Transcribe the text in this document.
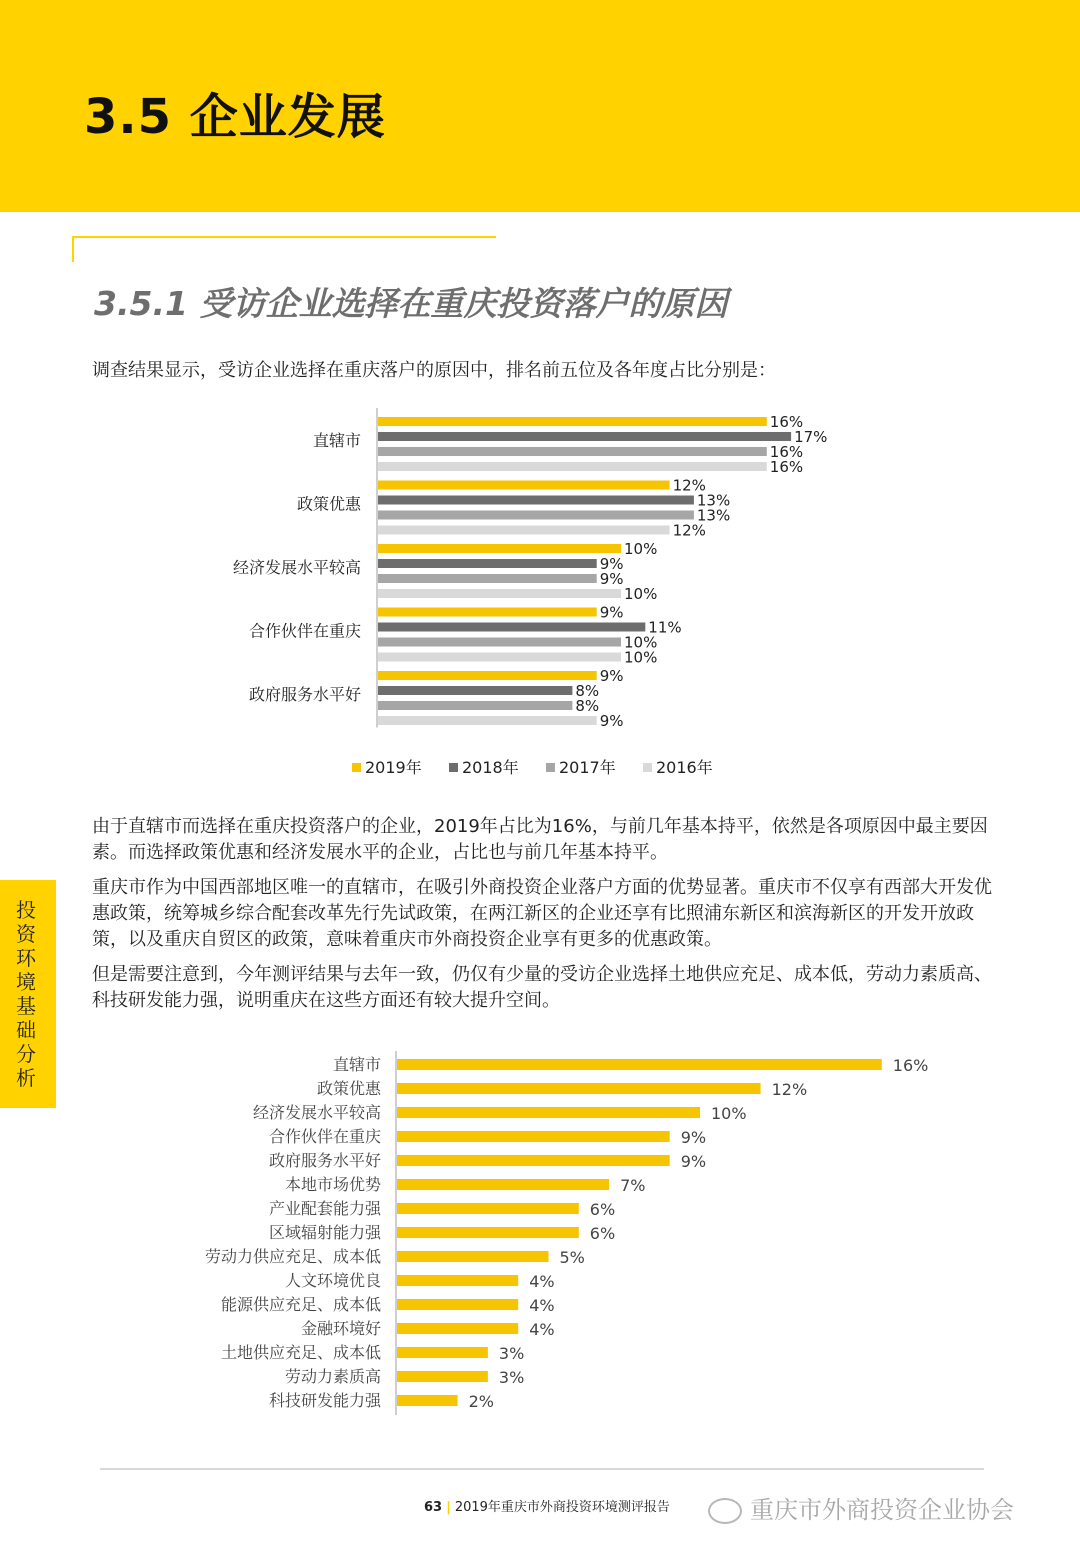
3.5 企业发展
3.5.1 受访企业选择在重庆投资落户的原因
调查结果显示，受访企业选择在重庆落户的原因中，排名前五位及各年度占比分别是：
直辖市
16%
17%
16%
16%
政策优惠
12%
13%
13%
12%
经济发展水平较高
10%
9%
9%
10%
合作伙伴在重庆
9%
11%
10%
10%
政府服务水平好
9%
8%
8%
9%
2019年	2018年	2017年	2016年

由于直辖市而选择在重庆投资落户的企业，2019年占比为16%，与前几年基本持平，依然是各项原因中最主要因素。而选择政策优惠和经济发展水平的企业，占比也与前几年基本持平。

重庆市作为中国西部地区唯一的直辖市，在吸引外商投资企业落户方面的优势显著。重庆市不仅享有西部大开发优惠政策，统筹城乡综合配套改革先行先试政策，在两江新区的企业还享有比照浦东新区和滨海新区的开发开放政策，以及重庆自贸区的政策，意味着重庆市外商投资企业享有更多的优惠政策。

但是需要注意到，今年测评结果与去年一致，仍仅有少量的受访企业选择土地供应充足、成本低，劳动力素质高、科技研发能力强，说明重庆在这些方面还有较大提升空间。

投资环境基础分析
直辖市	16%
政策优惠	12%
经济发展水平较高	10%
合作伙伴在重庆	9%
政府服务水平好	9%
本地市场优势	7%
产业配套能力强	6%
区域辐射能力强	6%
劳动力供应充足、成本低	5%
人文环境优良	4%
能源供应充足、成本低	4%
金融环境好	4%
土地供应充足、成本低	3%
劳动力素质高	3%
科技研发能力强	2%
63 | 2019年重庆市外商投资环境测评报告	重庆市外商投资企业协会
